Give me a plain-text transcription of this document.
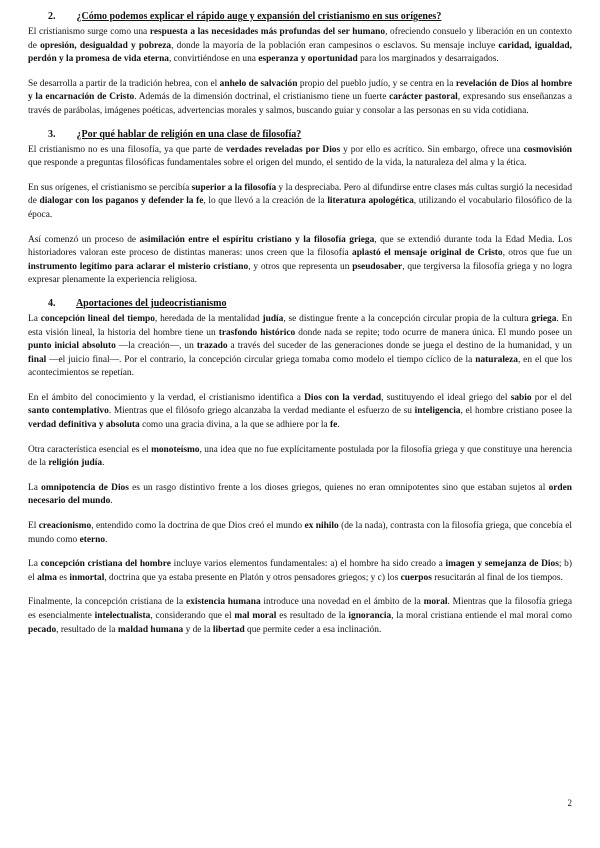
2. ¿Cómo podemos explicar el rápido auge y expansión del cristianismo en sus orígenes?

El cristianismo surge como una respuesta a las necesidades más profundas del ser humano, ofreciendo consuelo y liberación en un contexto de opresión, desigualdad y pobreza, donde la mayoría de la población eran campesinos o esclavos. Su mensaje incluye caridad, igualdad, perdón y la promesa de vida eterna, convirtiéndose en una esperanza y oportunidad para los marginados y desarraigados.

Se desarrolla a partir de la tradición hebrea, con el anhelo de salvación propio del pueblo judío, y se centra en la revelación de Dios al hombre y la encarnación de Cristo. Además de la dimensión doctrinal, el cristianismo tiene un fuerte carácter pastoral, expresando sus enseñanzas a través de parábolas, imágenes poéticas, advertencias morales y salmos, buscando guiar y consolar a las personas en su vida cotidiana.

3. ¿Por qué hablar de religión en una clase de filosofía?

El cristianismo no es una filosofía, ya que parte de verdades reveladas por Dios y por ello es acrítico. Sin embargo, ofrece una cosmovisión que responde a preguntas filosóficas fundamentales sobre el origen del mundo, el sentido de la vida, la naturaleza del alma y la ética.

En sus orígenes, el cristianismo se percibía superior a la filosofía y la despreciaba. Pero al difundirse entre clases más cultas surgió la necesidad de dialogar con los paganos y defender la fe, lo que llevó a la creación de la literatura apologética, utilizando el vocabulario filosófico de la época.

Así comenzó un proceso de asimilación entre el espíritu cristiano y la filosofía griega, que se extendió durante toda la Edad Media. Los historiadores valoran este proceso de distintas maneras: unos creen que la filosofía aplastó el mensaje original de Cristo, otros que fue un instrumento legítimo para aclarar el misterio cristiano, y otros que representa un pseudosaber, que tergiversa la filosofía griega y no logra expresar plenamente la experiencia religiosa.

4. Aportaciones del judeocristianismo

La concepción lineal del tiempo, heredada de la mentalidad judía, se distingue frente a la concepción circular propia de la cultura griega. En esta visión lineal, la historia del hombre tiene un trasfondo histórico donde nada se repite; todo ocurre de manera única. El mundo posee un punto inicial absoluto —la creación—, un trazado a través del suceder de las generaciones donde se juega el destino de la humanidad, y un final —el juicio final—. Por el contrario, la concepción circular griega tomaba como modelo el tiempo cíclico de la naturaleza, en el que los acontecimientos se repetían.

En el ámbito del conocimiento y la verdad, el cristianismo identifica a Dios con la verdad, sustituyendo el ideal griego del sabio por el del santo contemplativo. Mientras que el filósofo griego alcanzaba la verdad mediante el esfuerzo de su inteligencia, el hombre cristiano posee la verdad definitiva y absoluta como una gracia divina, a la que se adhiere por la fe.

Otra característica esencial es el monoteísmo, una idea que no fue explícitamente postulada por la filosofía griega y que constituye una herencia de la religión judía.

La omnipotencia de Dios es un rasgo distintivo frente a los dioses griegos, quienes no eran omnipotentes sino que estaban sujetos al orden necesario del mundo.

El creacionismo, entendido como la doctrina de que Dios creó el mundo ex nihilo (de la nada), contrasta con la filosofía griega, que concebía el mundo como eterno.

La concepción cristiana del hombre incluye varios elementos fundamentales: a) el hombre ha sido creado a imagen y semejanza de Dios; b) el alma es inmortal, doctrina que ya estaba presente en Platón y otros pensadores griegos; y c) los cuerpos resucitarán al final de los tiempos.

Finalmente, la concepción cristiana de la existencia humana introduce una novedad en el ámbito de la moral. Mientras que la filosofía griega es esencialmente intelectualista, considerando que el mal moral es resultado de la ignorancia, la moral cristiana entiende el mal moral como pecado, resultado de la maldad humana y de la libertad que permite ceder a esa inclinación.

2
